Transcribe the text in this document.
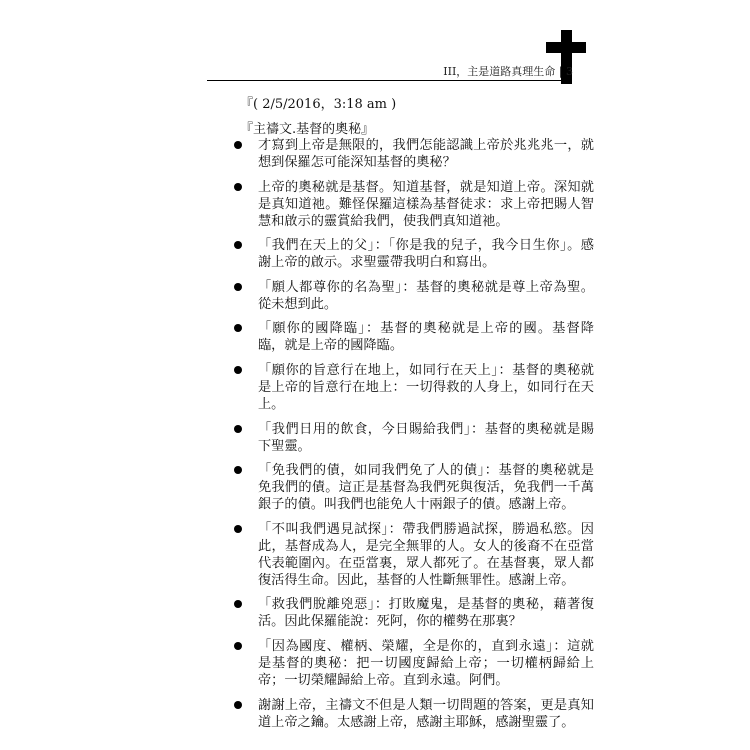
III，主是道路真理生命 | 3
『( 2/5/2016，3:18 am )
『主禱文.基督的奧秘』
才寫到上帝是無限的，我們怎能認識上帝於兆兆兆一，就想到保羅怎可能深知基督的奧秘？
上帝的奧秘就是基督。知道基督，就是知道上帝。深知就是真知道祂。難怪保羅這樣為基督徒求：求上帝把賜人智慧和啟示的靈賞給我們，使我們真知道祂。
「我們在天上的父」：「你是我的兒子，我今日生你」。感謝上帝的啟示。求聖靈帶我明白和寫出。
「願人都尊你的名為聖」：基督的奧秘就是尊上帝為聖。從未想到此。
「願你的國降臨」：基督的奧秘就是上帝的國。基督降臨，就是上帝的國降臨。
「願你的旨意行在地上，如同行在天上」：基督的奧秘就是上帝的旨意行在地上：一切得救的人身上，如同行在天上。
「我們日用的飲食，今日賜給我們」：基督的奧秘就是賜下聖靈。
「免我們的債，如同我們免了人的債」：基督的奧秘就是免我們的債。這正是基督為我們死與復活，免我們一千萬銀子的債。叫我們也能免人十兩銀子的債。感謝上帝。
「不叫我們遇見試探」：帶我們勝過試探，勝過私慾。因此，基督成為人，是完全無罪的人。女人的後裔不在亞當代表範圍內。在亞當裏，眾人都死了。在基督裏，眾人都復活得生命。因此，基督的人性斷無罪性。感謝上帝。
「救我們脫離兇惡」：打敗魔鬼，是基督的奧秘，藉著復活。因此保羅能說：死阿，你的權勢在那裏？
「因為國度、權柄、榮耀，全是你的，直到永遠」：這就是基督的奧秘：把一切國度歸給上帝；一切權柄歸給上帝；一切榮耀歸給上帝。直到永遠。阿們。
謝謝上帝，主禱文不但是人類一切問題的答案，更是真知道上帝之鑰。太感謝上帝，感謝主耶穌，感謝聖靈了。
